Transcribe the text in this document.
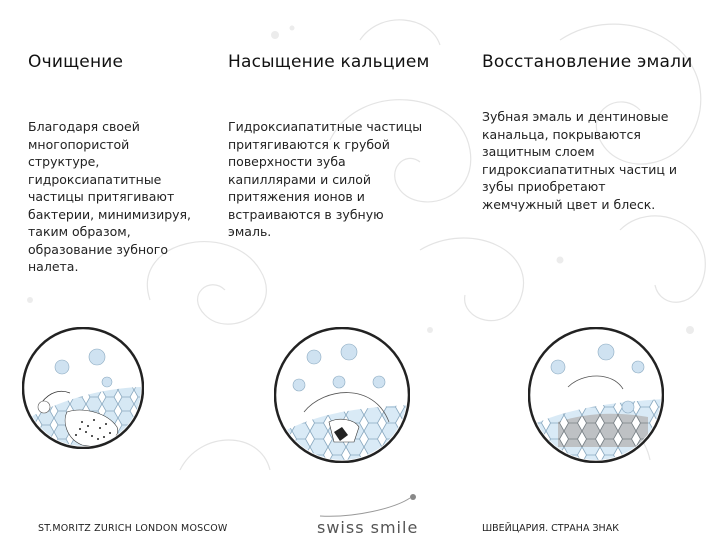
Очищение

Благодаря своей многопористой структуре, гидроксиапатитные частицы притягивают бактерии, минимизируя, таким образом, образование зубного налета.

Насыщение кальцием

Гидроксиапатитные частицы притягиваются к грубой поверхности зуба капиллярами и силой притяжения ионов и встраиваются в зубную эмаль.

Восстановление эмали

Зубная эмаль и дентиновые канальца, покрываются защитным слоем гидроксиапатитных частиц и зубы приобретают жемчужный цвет и блеск.

ST.MORITZ ZURICH LONDON MOSCOW	swiss smile	ШВЕЙЦАРИЯ. СТРАНА ЗНАК
